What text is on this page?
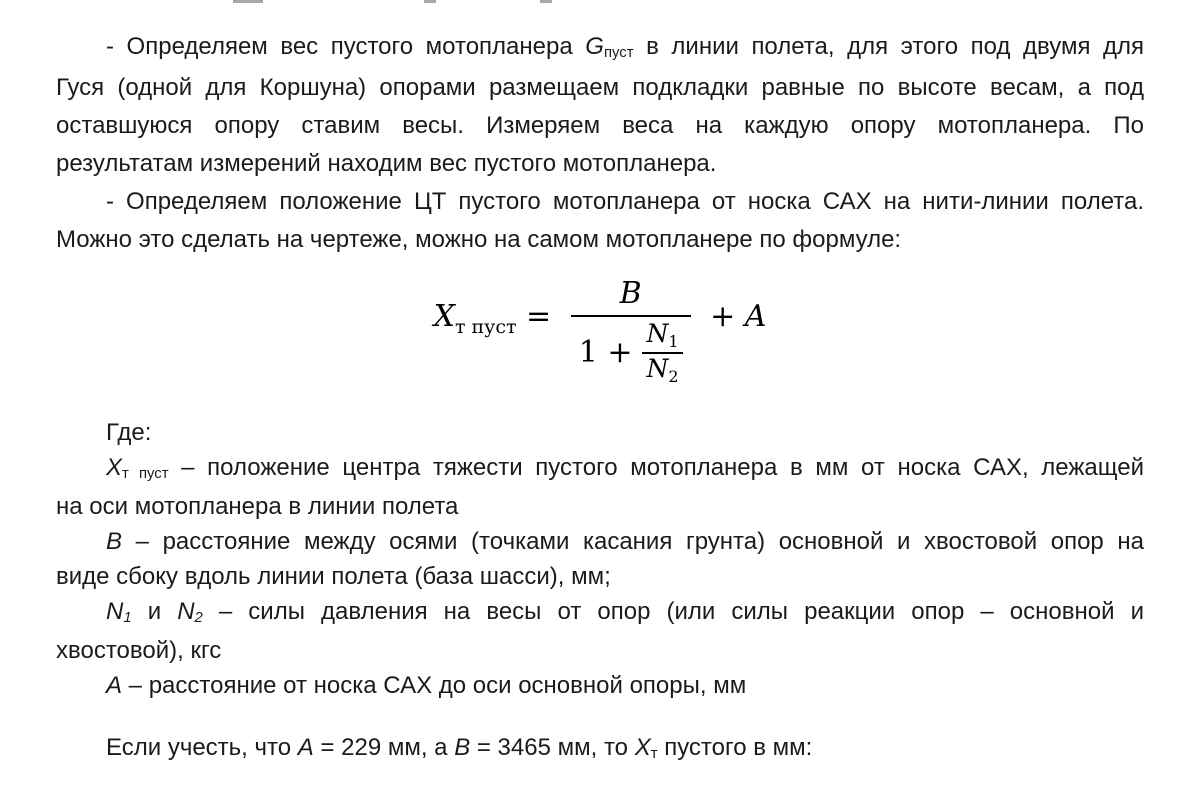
- Определяем вес пустого мотопланера Gпуст в линии полета, для этого под двумя для
Гуся (одной для Коршуна) опорами размещаем подкладки равные по высоте весам, а под
оставшуюся опору ставим весы. Измеряем веса на каждую опору мотопланера. По
результатам измерений находим вес пустого мотопланера.
- Определяем положение ЦТ пустого мотопланера от носка САХ на нити-линии полета.
Можно это сделать на чертеже, можно на самом мотопланере по формуле:
$X_{т пуст} = \frac{B}{1 + \frac{N_1}{N_2}} + A$
Где:
Xт пуст – положение центра тяжести пустого мотопланера в мм от носка САХ, лежащей
на оси мотопланера в линии полета
B – расстояние между осями (точками касания грунта) основной и хвостовой опор на
виде сбоку вдоль линии полета (база шасси), мм;
N1 и N2 – силы давления на весы от опор (или силы реакции опор – основной и
хвостовой), кгс
A – расстояние от носка САХ до оси основной опоры, мм
Если учесть, что A = 229 мм, а B = 3465 мм, то Xт пустого в мм:
